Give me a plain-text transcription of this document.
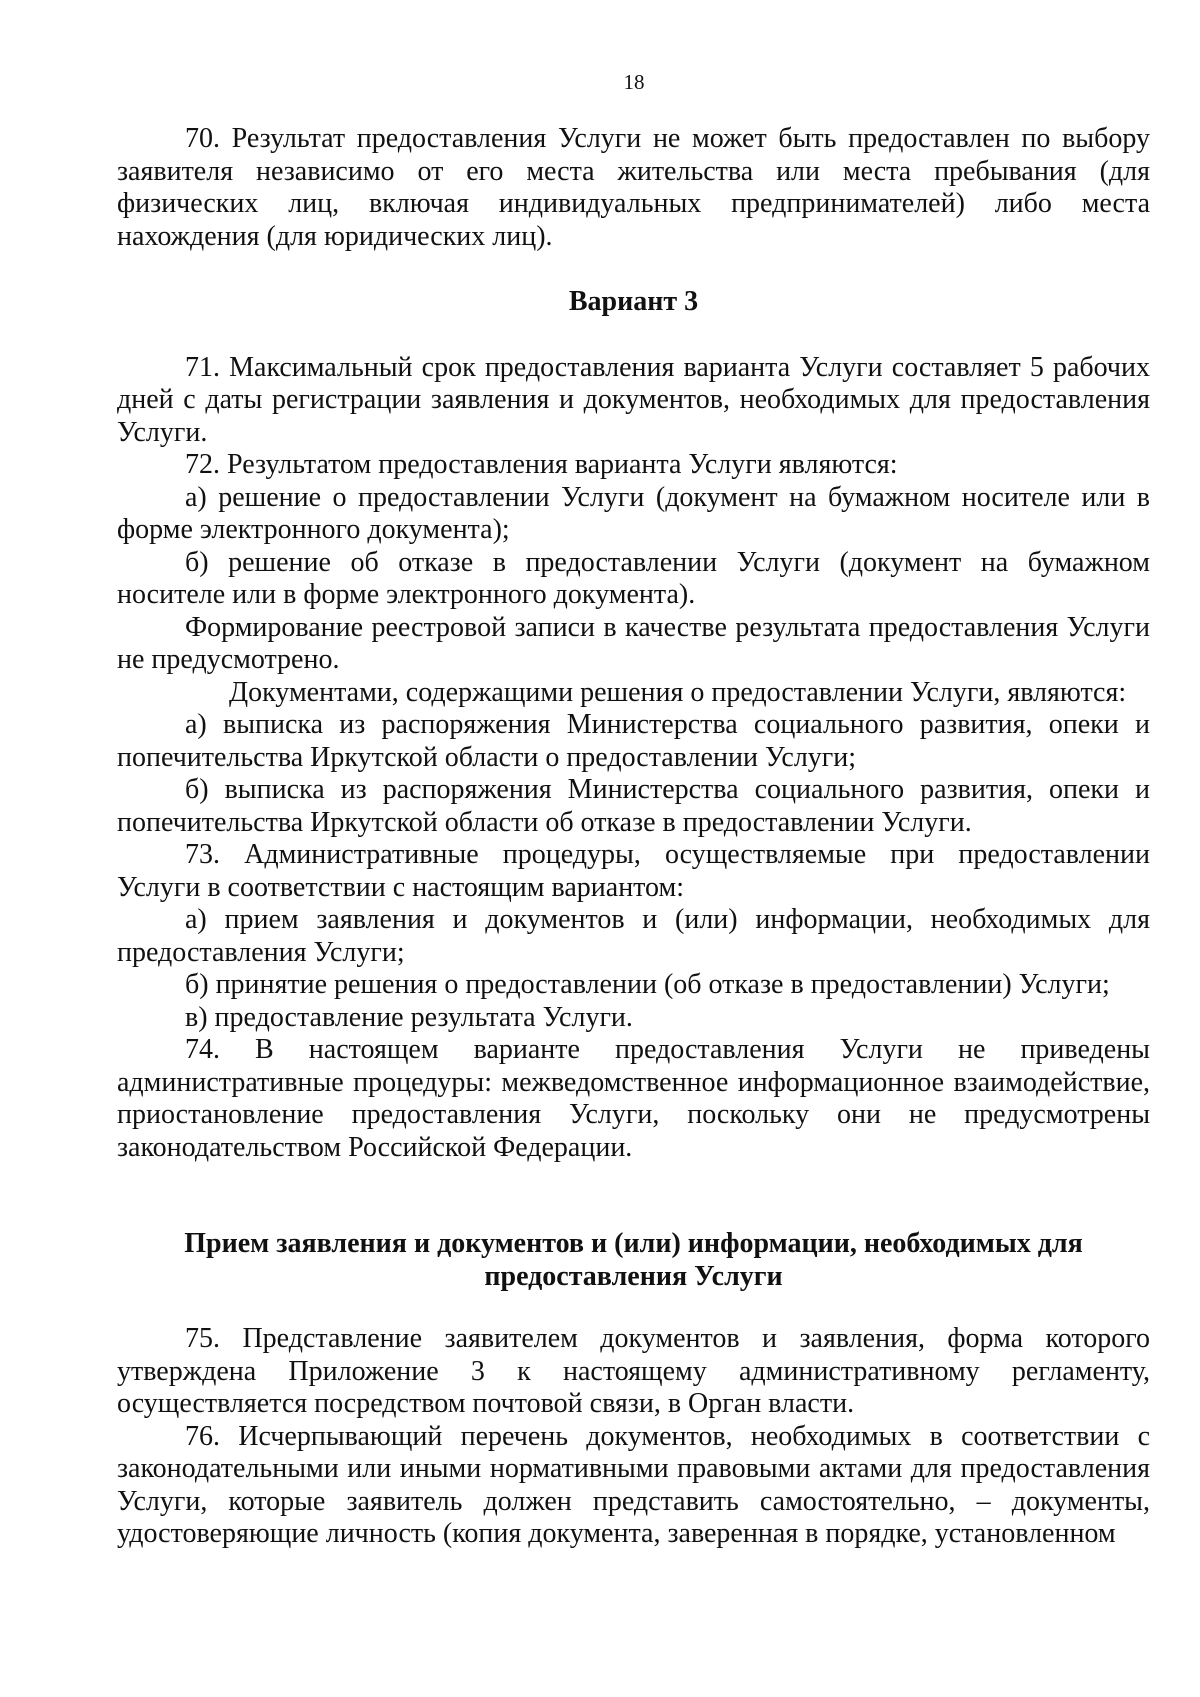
18

70. Результат предоставления Услуги не может быть предоставлен по выбору заявителя независимо от его места жительства или места пребывания (для физических лиц, включая индивидуальных предпринимателей) либо места нахождения (для юридических лиц).

Вариант 3

71. Максимальный срок предоставления варианта Услуги составляет 5 рабочих дней с даты регистрации заявления и документов, необходимых для предоставления Услуги.

72. Результатом предоставления варианта Услуги являются:

а) решение о предоставлении Услуги (документ на бумажном носителе или в форме электронного документа);

б) решение об отказе в предоставлении Услуги (документ на бумажном носителе или в форме электронного документа).

Формирование реестровой записи в качестве результата предоставления Услуги не предусмотрено.

Документами, содержащими решения о предоставлении Услуги, являются:

а) выписка из распоряжения Министерства социального развития, опеки и попечительства Иркутской области о предоставлении Услуги;

б) выписка из распоряжения Министерства социального развития, опеки и попечительства Иркутской области об отказе в предоставлении Услуги.

73. Административные процедуры, осуществляемые при предоставлении Услуги в соответствии с настоящим вариантом:

а) прием заявления и документов и (или) информации, необходимых для предоставления Услуги;

б) принятие решения о предоставлении (об отказе в предоставлении) Услуги;

в) предоставление результата Услуги.

74. В настоящем варианте предоставления Услуги не приведены административные процедуры: межведомственное информационное взаимодействие, приостановление предоставления Услуги, поскольку они не предусмотрены законодательством Российской Федерации.

Прием заявления и документов и (или) информации, необходимых для предоставления Услуги

75. Представление заявителем документов и заявления, форма которого утверждена Приложение 3 к настоящему административному регламенту, осуществляется посредством почтовой связи, в Орган власти.

76. Исчерпывающий перечень документов, необходимых в соответствии с законодательными или иными нормативными правовыми актами для предоставления Услуги, которые заявитель должен представить самостоятельно, – документы, удостоверяющие личность (копия документа, заверенная в порядке, установленном
